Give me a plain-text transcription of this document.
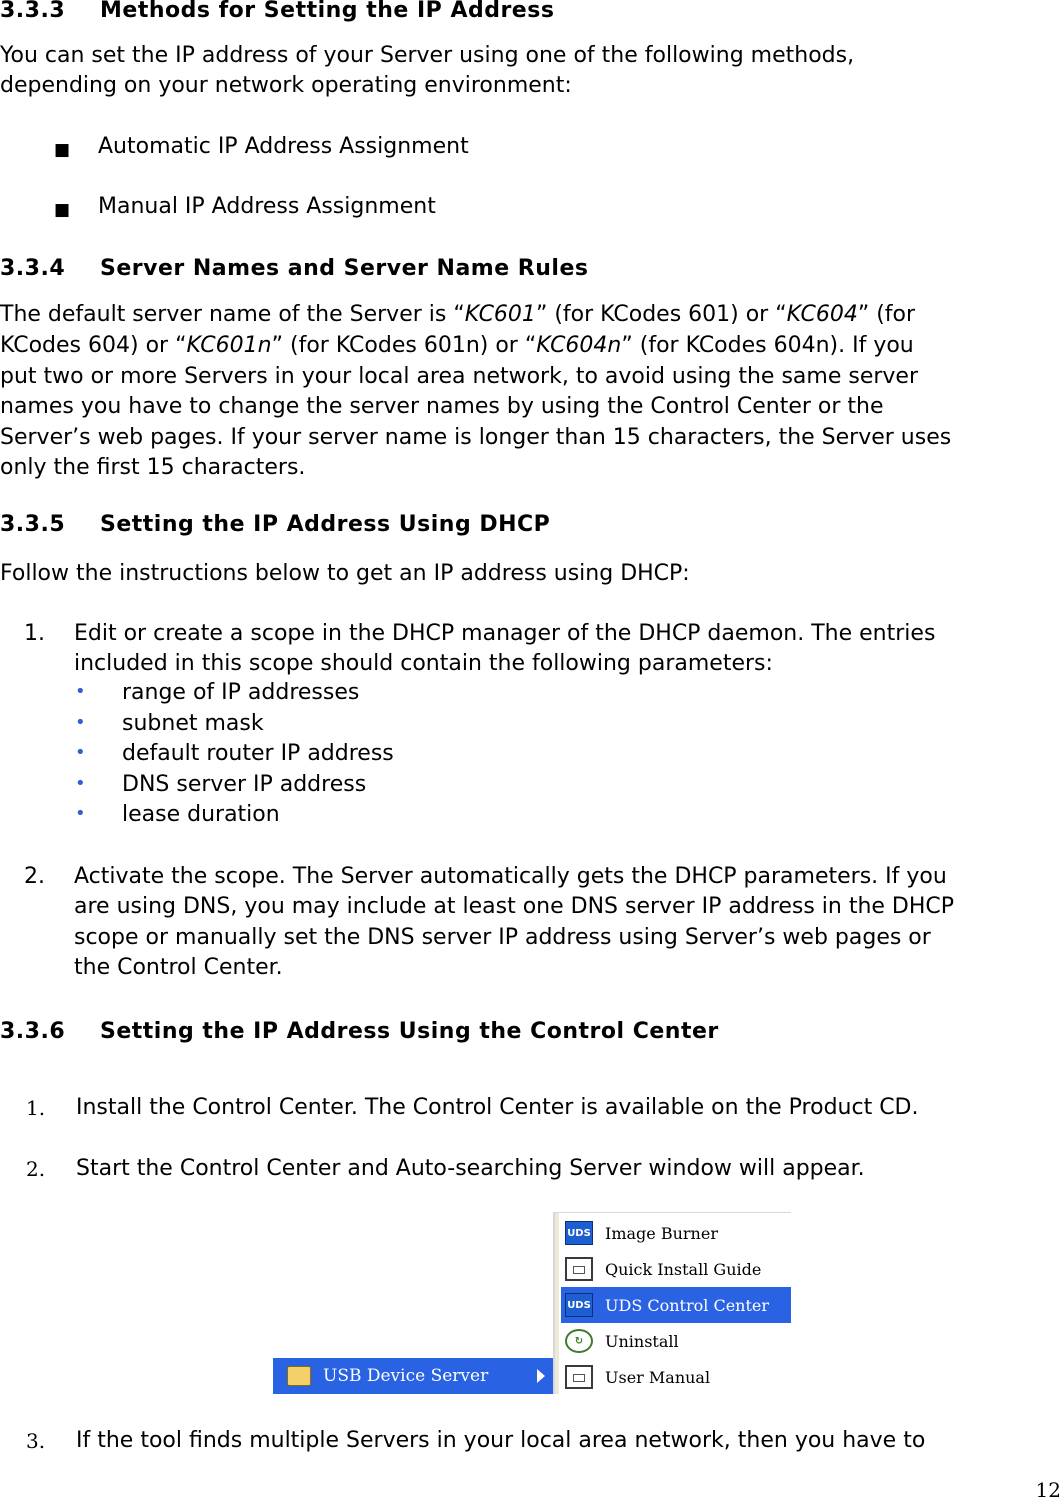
3.3.3 Methods for Setting the IP Address
You can set the IP address of your Server using one of the following methods,
depending on your network operating environment:
■ Automatic IP Address Assignment
■ Manual IP Address Assignment
3.3.4 Server Names and Server Name Rules
The default server name of the Server is “KC601” (for KCodes 601) or “KC604” (for
KCodes 604) or “KC601n” (for KCodes 601n) or “KC604n” (for KCodes 604n). If you
put two or more Servers in your local area network, to avoid using the same server
names you have to change the server names by using the Control Center or the
Server’s web pages. If your server name is longer than 15 characters, the Server uses
only the first 15 characters.
3.3.5 Setting the IP Address Using DHCP
Follow the instructions below to get an IP address using DHCP:
1. Edit or create a scope in the DHCP manager of the DHCP daemon. The entries
included in this scope should contain the following parameters:
• range of IP addresses
• subnet mask
• default router IP address
• DNS server IP address
• lease duration
2. Activate the scope. The Server automatically gets the DHCP parameters. If you
are using DNS, you may include at least one DNS server IP address in the DHCP
scope or manually set the DNS server IP address using Server’s web pages or
the Control Center.
3.3.6 Setting the IP Address Using the Control Center
1. Install the Control Center. The Control Center is available on the Product CD.
2. Start the Control Center and Auto-searching Server window will appear.
USB Device Server
UDS Image Burner
Quick Install Guide
UDS UDS Control Center
↻	Uninstall
User Manual
3. If the tool finds multiple Servers in your local area network, then you have to
12
